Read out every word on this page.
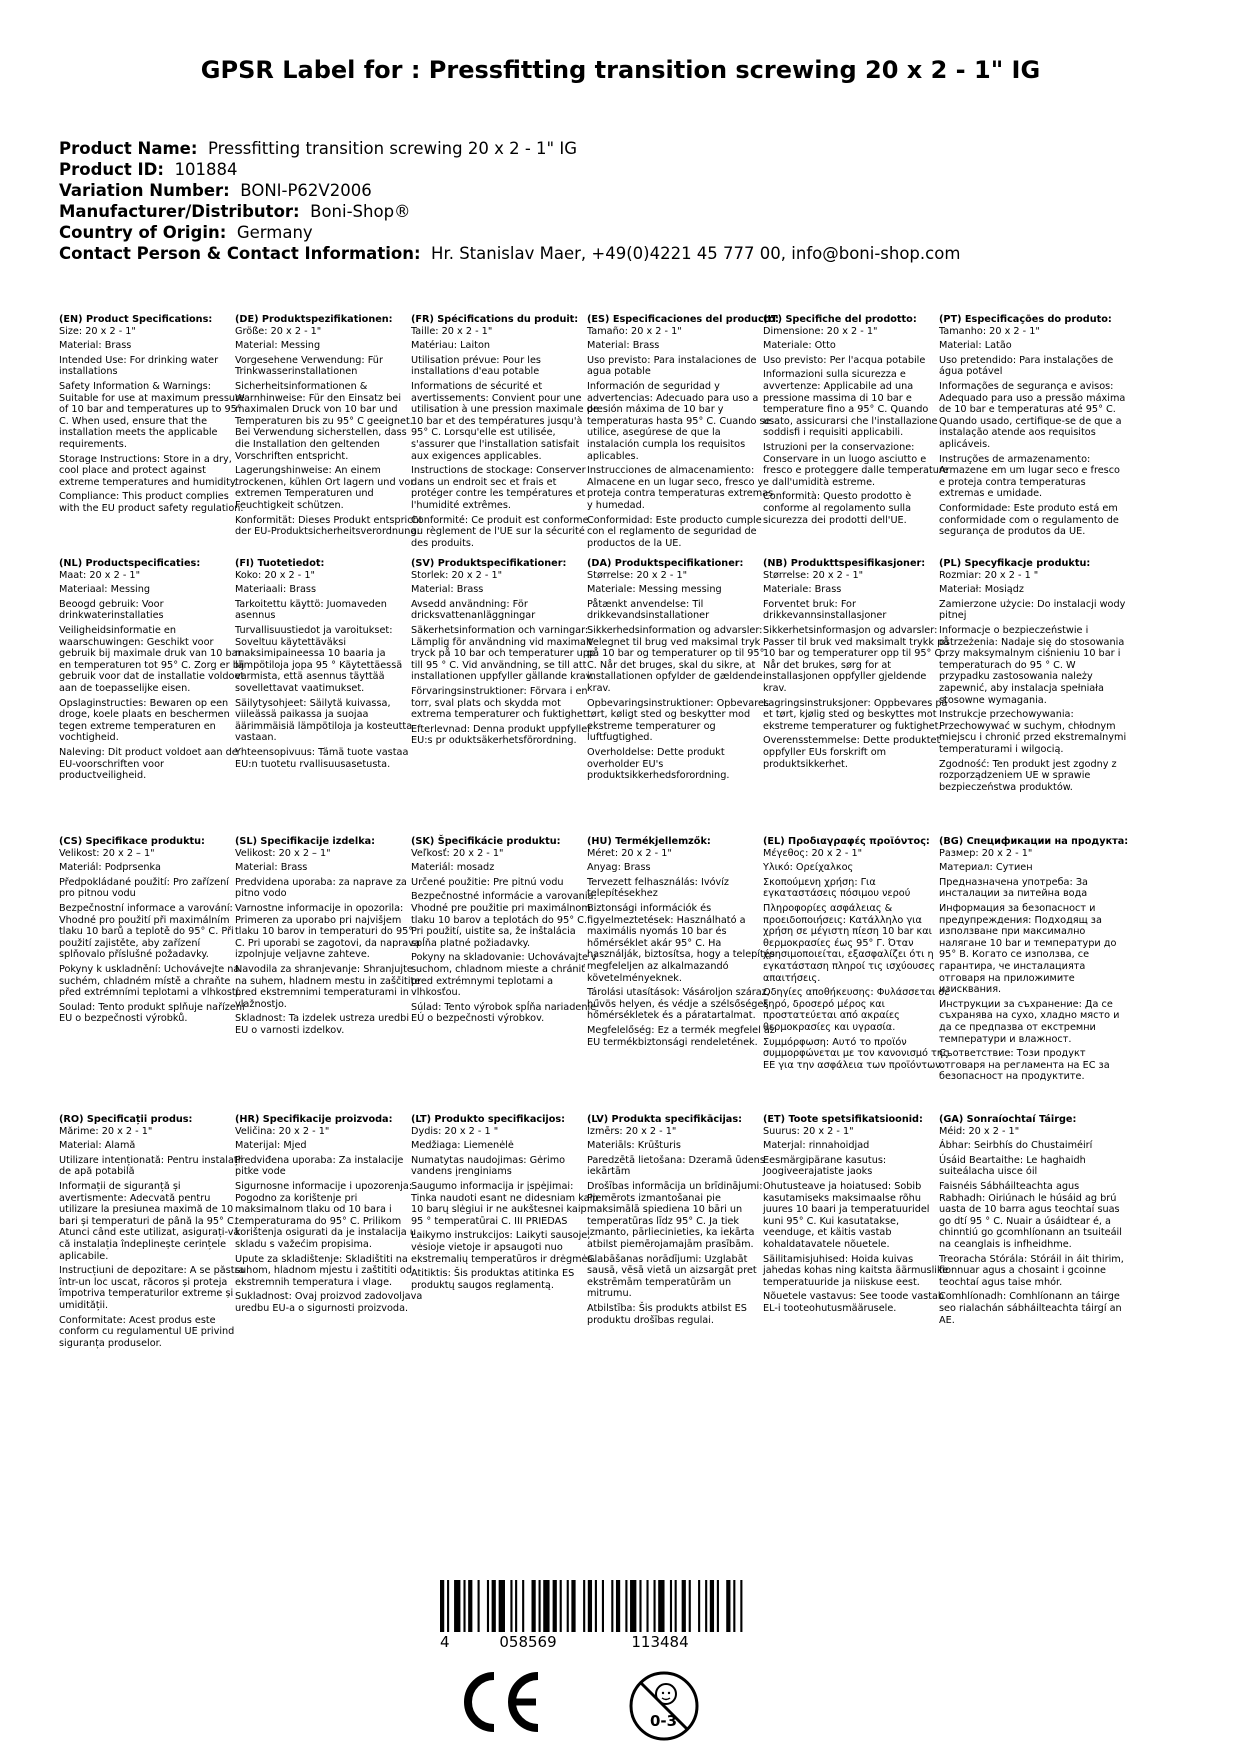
GPSR Label for : Pressfitting transition screwing 20 x 2 - 1" IG
Product Name: Pressfitting transition screwing 20 x 2 - 1" IG
Product ID: 101884
Variation Number: BONI-P62V2006
Manufacturer/Distributor: Boni-Shop®
Country of Origin: Germany
Contact Person & Contact Information: Hr. Stanislav Maer, +49(0)4221 45 777 00, info@boni-shop.com
(EN) Product Specifications:
Size: 20 x 2 - 1"
Material: Brass
Intended Use: For drinking water installations
Safety Information & Warnings: Suitable for use at maximum pressure of 10 bar and temperatures up to 95° C. When used, ensure that the installation meets the applicable requirements.
Storage Instructions: Store in a dry, cool place and protect against extreme temperatures and humidity.
Compliance: This product complies with the EU product safety regulation.
(DE) Produktspezifikationen:
Größe: 20 x 2 - 1"
Material: Messing
Vorgesehene Verwendung: Für Trinkwasserinstallationen
Sicherheitsinformationen & Warnhinweise: Für den Einsatz bei maximalen Druck von 10 bar und Temperaturen bis zu 95° C geeignet. Bei Verwendung sicherstellen, dass die Installation den geltenden Vorschriften entspricht.
Lagerungshinweise: An einem trockenen, kühlen Ort lagern und vor extremen Temperaturen und Feuchtigkeit schützen.
Konformität: Dieses Produkt entspricht der EU-Produktsicherheitsverordnung.
(FR) Spécifications du produit:
Taille: 20 x 2 - 1"
Matériau: Laiton
Utilisation prévue: Pour les installations d'eau potable
Informations de sécurité et avertissements: Convient pour une utilisation à une pression maximale de 10 bar et des températures jusqu'à 95° C. Lorsqu'elle est utilisée, s'assurer que l'installation satisfait aux exigences applicables.
Instructions de stockage: Conserver dans un endroit sec et frais et protéger contre les températures et l'humidité extrêmes.
Conformité: Ce produit est conforme au règlement de l'UE sur la sécurité des produits.
(ES) Especificaciones del producto:
Tamaño: 20 x 2 - 1"
Material: Brass
Uso previsto: Para instalaciones de agua potable
Información de seguridad y advertencias: Adecuado para uso a presión máxima de 10 bar y temperaturas hasta 95° C. Cuando se utilice, asegúrese de que la instalación cumpla los requisitos aplicables.
Instrucciones de almacenamiento: Almacene en un lugar seco, fresco y proteja contra temperaturas extremas y humedad.
Conformidad: Este producto cumple con el reglamento de seguridad de productos de la UE.
(IT) Specifiche del prodotto:
Dimensione: 20 x 2 - 1"
Materiale: Otto
Uso previsto: Per l'acqua potabile
Informazioni sulla sicurezza e avvertenze: Applicabile ad una pressione massima di 10 bar e temperature fino a 95° C. Quando usato, assicurarsi che l'installazione soddisfi i requisiti applicabili.
Istruzioni per la conservazione: Conservare in un luogo asciutto e fresco e proteggere dalle temperature e dall'umidità estreme.
Conformità: Questo prodotto è conforme al regolamento sulla sicurezza dei prodotti dell'UE.
(PT) Especificações do produto:
Tamanho: 20 x 2 - 1"
Material: Latão
Uso pretendido: Para instalações de água potável
Informações de segurança e avisos: Adequado para uso a pressão máxima de 10 bar e temperaturas até 95° C. Quando usado, certifique-se de que a instalação atende aos requisitos aplicáveis.
Instruções de armazenamento: Armazene em um lugar seco e fresco e proteja contra temperaturas extremas e umidade.
Conformidade: Este produto está em conformidade com o regulamento de segurança de produtos da UE.
(NL) Productspecificaties:
Maat: 20 x 2 - 1"
Materiaal: Messing
Beoogd gebruik: Voor drinkwaterinstallaties
Veiligheidsinformatie en waarschuwingen: Geschikt voor gebruik bij maximale druk van 10 bar en temperaturen tot 95° C. Zorg er bij gebruik voor dat de installatie voldoet aan de toepasselijke eisen.
Opslaginstructies: Bewaren op een droge, koele plaats en beschermen tegen extreme temperaturen en vochtigheid.
Naleving: Dit product voldoet aan de EU-voorschriften voor productveiligheid.
(FI) Tuotetiedot:
Koko: 20 x 2 - 1"
Materiaali: Brass
Tarkoitettu käyttö: Juomaveden asennus
Turvallisuustiedot ja varoitukset: Soveltuu käytettäväksi maksimipaineessa 10 baaria ja lämpötiloja jopa 95 ° Käytettäessä varmista, että asennus täyttää sovellettavat vaatimukset.
Säilytysohjeet: Säilytä kuivassa, viileässä paikassa ja suojaa äärimmäisiä lämpötiloja ja kosteutta vastaan.
Yhteensopivuus: Tämä tuote vastaa EU:n tuotetu rvallisuusasetusta.
(SV) Produktspecifikationer:
Storlek: 20 x 2 - 1"
Material: Brass
Avsedd användning: För dricksvattenanläggningar
Säkerhetsinformation och varningar: Lämplig för användning vid maximalt tryck på 10 bar och temperaturer upp till 95 ° C. Vid användning, se till att installationen uppfyller gällande krav.
Förvaringsinstruktioner: Förvara i en torr, sval plats och skydda mot extrema temperaturer och fuktighet.
Efterlevnad: Denna produkt uppfyller EU:s pr oduktsäkerhetsförordning.
(DA) Produktspecifikationer:
Størrelse: 20 x 2 - 1"
Materiale: Messing messing
Påtænkt anvendelse: Til drikkevandsinstallationer
Sikkerhedsinformation og advarsler: Velegnet til brug ved maksimal tryk på 10 bar og temperaturer op til 95° C. Når det bruges, skal du sikre, at installationen opfylder de gældende krav.
Opbevaringsinstruktioner: Opbevares tørt, køligt sted og beskytter mod ekstreme temperaturer og luftfugtighed.
Overholdelse: Dette produkt overholder EU's produktsikkerhedsforordning.
(NB) Produkttspesifikasjoner:
Størrelse: 20 x 2 - 1"
Materiale: Brass
Forventet bruk: For drikkevannsinstallasjoner
Sikkerhetsinformasjon og advarsler: Passer til bruk ved maksimalt trykk på 10 bar og temperaturer opp til 95° C. Når det brukes, sørg for at installasjonen oppfyller gjeldende krav.
Lagringsinstruksjoner: Oppbevares på et tørt, kjølig sted og beskyttes mot ekstreme temperaturer og fuktighet.
Overensstemmelse: Dette produktet oppfyller EUs forskrift om produktsikkerhet.
(PL) Specyfikacje produktu:
Rozmiar: 20 x 2 - 1 "
Materiał: Mosiądz
Zamierzone użycie: Do instalacji wody pitnej
Informacje o bezpieczeństwie i ostrzeżenia: Nadaje się do stosowania przy maksymalnym ciśnieniu 10 bar i temperaturach do 95 ° C. W przypadku zastosowania należy zapewnić, aby instalacja spełniała stosowne wymagania.
Instrukcje przechowywania: Przechowywać w suchym, chłodnym miejscu i chronić przed ekstremalnymi temperaturami i wilgocią.
Zgodność: Ten produkt jest zgodny z rozporządzeniem UE w sprawie bezpieczeństwa produktów.
(CS) Specifikace produktu:
Velikost: 20 x 2 – 1"
Materiál: Podprsenka
Předpokládané použití: Pro zařízení pro pitnou vodu
Bezpečnostní informace a varování: Vhodné pro použití při maximálním tlaku 10 barů a teplotě do 95° C. Při použití zajistěte, aby zařízení splňovalo příslušné požadavky.
Pokyny k uskladnění: Uchovávejte na suchém, chladném místě a chraňte před extrémními teplotami a vlhkostí.
Soulad: Tento produkt splňuje nařízení EU o bezpečnosti výrobků.
(SL) Specifikacije izdelka:
Velikost: 20 x 2 – 1"
Material: Brass
Predvidena uporaba: za naprave za pitno vodo
Varnostne informacije in opozorila: Primeren za uporabo pri najvišjem tlaku 10 barov in temperaturi do 95° C. Pri uporabi se zagotovi, da naprava izpolnjuje veljavne zahteve.
Navodila za shranjevanje: Shranjujte na suhem, hladnem mestu in zaščitite pred ekstremnimi temperaturami in vlažnostjo.
Skladnost: Ta izdelek ustreza uredbi EU o varnosti izdelkov.
(SK) Špecifikácie produktu:
Veľkosť: 20 x 2 - 1"
Materiál: mosadz
Určené použitie: Pre pitnú vodu
Bezpečnostné informácie a varovania: Vhodné pre použitie pri maximálnom tlaku 10 barov a teplotách do 95° C. Pri použití, uistite sa, že inštalácia spĺňa platné požiadavky.
Pokyny na skladovanie: Uchovávajte v suchom, chladnom mieste a chrániť pred extrémnymi teplotami a vlhkosťou.
Súlad: Tento výrobok spĺňa nariadenie EÚ o bezpečnosti výrobkov.
(HU) Termékjellemzők:
Méret: 20 x 2 - 1"
Anyag: Brass
Tervezett felhasználás: Ivóvíz telepítésekhez
Biztonsági információk és figyelmeztetések: Használható a maximális nyomás 10 bar és hőmérséklet akár 95° C. Ha használják, biztosítsa, hogy a telepítés megfeleljen az alkalmazandó követelményeknek.
Tárolási utasítások: Vásároljon száraz, hűvös helyen, és védje a szélsőséges hőmérsékletek és a páratartalmat.
Megfelelőség: Ez a termék megfelel az EU termékbiztonsági rendeletének.
(EL) Προδιαγραφές προϊόντος:
Μέγεθος: 20 x 2 - 1"
Υλικό: Ορείχαλκος
Σκοπούμενη χρήση: Για εγκαταστάσεις πόσιμου νερού
Πληροφορίες ασφάλειας & προειδοποιήσεις: Κατάλληλο για χρήση σε μέγιστη πίεση 10 bar και θερμοκρασίες έως 95° Γ. Όταν χρησιμοποιείται, εξασφαλίζει ότι η εγκατάσταση πληροί τις ισχύουσες απαιτήσεις.
Οδηγίες αποθήκευσης: Φυλάσσεται σε ξηρό, δροσερό μέρος και προστατεύεται από ακραίες θερμοκρασίες και υγρασία.
Συμμόρφωση: Αυτό το προϊόν συμμορφώνεται με τον κανονισμό της ΕΕ για την ασφάλεια των προϊόντων.
(BG) Спецификации на продукта:
Размер: 20 x 2 - 1"
Материал: Сутиен
Предназначена употреба: За инсталации за питейна вода
Информация за безопасност и предупреждения: Подходящ за използване при максимално налягане 10 bar и температури до 95° В. Когато се използва, се гарантира, че инсталацията отговаря на приложимите изисквания.
Инструкции за съхранение: Да се съхранява на сухо, хладно място и да се предпазва от екстремни температури и влажност.
Съответствие: Този продукт отговаря на регламента на ЕС за безопасност на продуктите.
(RO) Specificații produs:
Mărime: 20 x 2 - 1"
Material: Alamă
Utilizare intenționată: Pentru instalații de apă potabilă
Informații de siguranță și avertismente: Adecvată pentru utilizare la presiunea maximă de 10 bari și temperaturi de până la 95° C. Atunci când este utilizat, asigurați-vă că instalația îndeplinește cerințele aplicabile.
Instrucțiuni de depozitare: A se păstra într-un loc uscat, răcoros și proteja împotriva temperaturilor extreme și umidității.
Conformitate: Acest produs este conform cu regulamentul UE privind siguranța produselor.
(HR) Specifikacije proizvoda:
Veličina: 20 x 2 - 1"
Materijal: Mjed
Predviđena uporaba: Za instalacije pitke vode
Sigurnosne informacije i upozorenja: Pogodno za korištenje pri maksimalnom tlaku od 10 bara i temperaturama do 95° C. Prilikom korištenja osigurati da je instalacija u skladu s važećim propisima.
Upute za skladištenje: Skladištiti na suhom, hladnom mjestu i zaštititi od ekstremnih temperatura i vlage.
Sukladnost: Ovaj proizvod zadovoljava uredbu EU-a o sigurnosti proizvoda.
(LT) Produkto specifikacijos:
Dydis: 20 x 2 - 1 "
Medžiaga: Liemenėlė
Numatytas naudojimas: Gėrimo vandens įrenginiams
Saugumo informacija ir įspėjimai: Tinka naudoti esant ne didesniam kaip 10 barų slėgiui ir ne aukštesnei kaip 95 ° temperatūrai C. III PRIEDAS
Laikymo instrukcijos: Laikyti sausoje, vėsioje vietoje ir apsaugoti nuo ekstremalių temperatūros ir drėgmės.
Atitiktis: Šis produktas atitinka ES produktų saugos reglamentą.
(LV) Produkta specifikācijas:
Izmērs: 20 x 2 - 1"
Materiāls: Krūšturis
Paredzētā lietošana: Dzeramā ūdens iekārtām
Drošības informācija un brīdinājumi: Piemērots izmantošanai pie maksimālā spiediena 10 bāri un temperatūras līdz 95° C. Ja tiek izmanto, pārliecinieties, ka iekārta atbilst piemērojamajām prasībām.
Glabāšanas norādījumi: Uzglabāt sausā, vēsā vietā un aizsargāt pret ekstrēmām temperatūrām un mitrumu.
Atbilstība: Šis produkts atbilst ES produktu drošības regulai.
(ET) Toote spetsifikatsioonid:
Suurus: 20 x 2 - 1"
Materjal: rinnahoidjad
Eesmärgipärane kasutus: Joogiveerajatiste jaoks
Ohutusteave ja hoiatused: Sobib kasutamiseks maksimaalse rõhu juures 10 baari ja temperatuuridel kuni 95° C. Kui kasutatakse, veenduge, et käitis vastab kohaldatavatele nõuetele.
Säilitamisjuhised: Hoida kuivas jahedas kohas ning kaitsta äärmuslike temperatuuride ja niiskuse eest.
Nõuetele vastavus: See toode vastab EL-i tooteohutusmäärusele.
(GA) Sonraíochtaí Táirge:
Méid: 20 x 2 - 1"
Ábhar: Seirbhís do Chustaiméirí
Úsáid Beartaithe: Le haghaidh suiteálacha uisce óil
Faisnéis Sábháilteachta agus Rabhadh: Oiriúnach le húsáid ag brú uasta de 10 barra agus teochtaí suas go dtí 95 ° C. Nuair a úsáidtear é, a chinntiú go gcomhlíonann an tsuiteáil na ceanglais is infheidhme.
Treoracha Stórála: Stóráil in áit thirim, fionnuar agus a chosaint i gcoinne teochtaí agus taise mhór.
Comhlíonadh: Comhlíonann an táirge seo rialachán sábháilteachta táirgí an AE.
4	058569	113484
0-3
